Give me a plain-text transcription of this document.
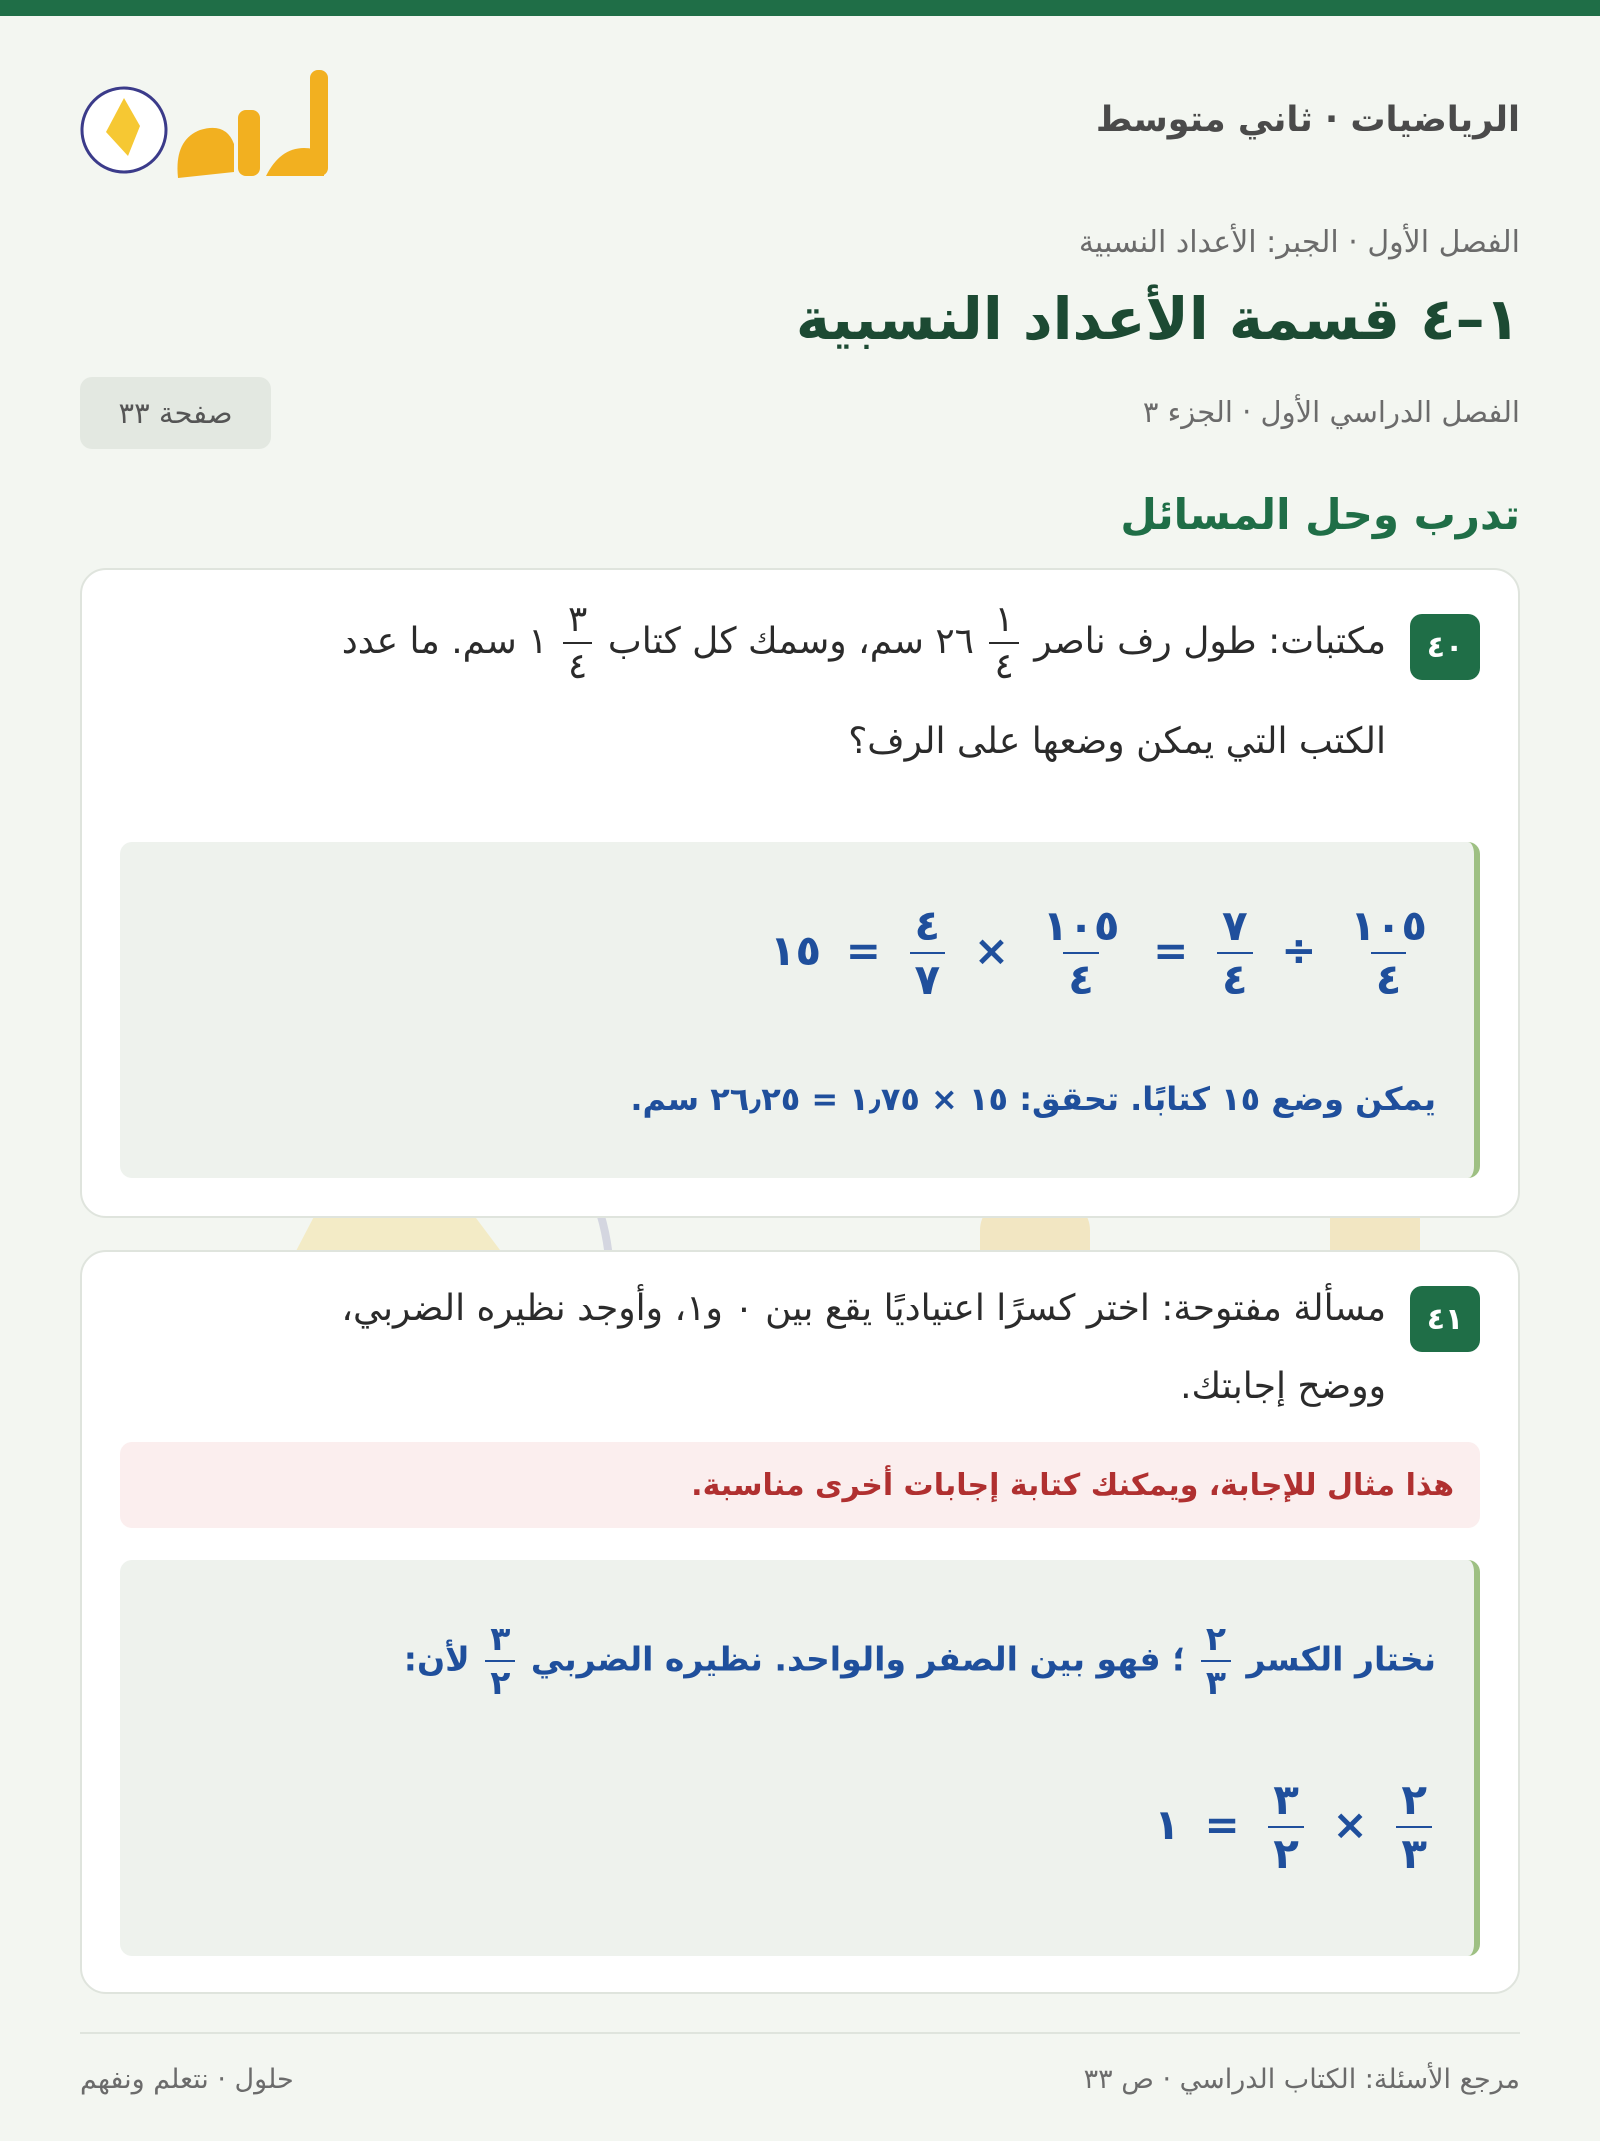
الرياضيات · ثاني متوسط
الفصل الأول · الجبر: الأعداد النسبية
١–٤ قسمة الأعداد النسبية
الفصل الدراسي الأول · الجزء ٣
صفحة ٣٣
تدرب وحل المسائل
٤٠
مكتبات: طول رف ناصر
$\frac{١}{٤}$
٢٦ سم، وسمك كل كتاب
$\frac{٣}{٤}$
١ سم. ما عدد
الكتب التي يمكن وضعها على الرف؟
$\frac{١٠٥}{٤}$
÷
$\frac{٧}{٤}$
=
$\frac{١٠٥}{٤}$
×
$\frac{٤}{٧}$
= ١٥
يمكن وضع ١٥ كتابًا. تحقق: ١٥ × ١٫٧٥ = ٢٦٫٢٥ سم.
٤١
مسألة مفتوحة: اختر كسرًا اعتياديًا يقع بين ٠ و١، وأوجد نظيره الضربي،
ووضح إجابتك.
هذا مثال للإجابة، ويمكنك كتابة إجابات أخرى مناسبة.
نختار الكسر
$\frac{٢}{٣}$
؛ فهو بين الصفر والواحد. نظيره الضربي
$\frac{٣}{٢}$
لأن:
$\frac{٢}{٣}$
×
$\frac{٣}{٢}$
= ١
مرجع الأسئلة: الكتاب الدراسي · ص ٣٣
حلول · نتعلم ونفهم
